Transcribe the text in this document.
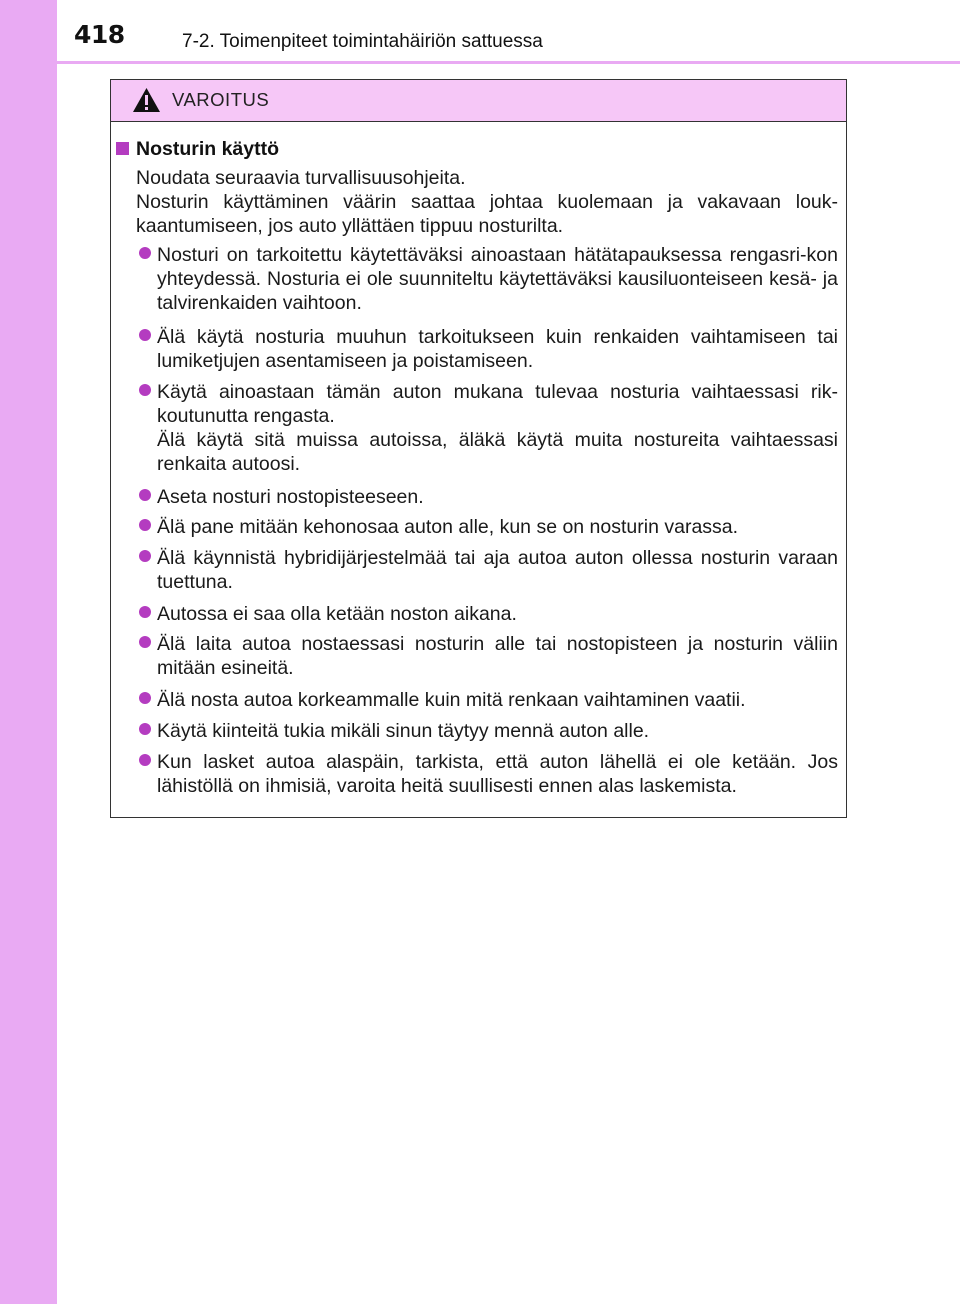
418	7-2. Toimenpiteet toimintahäiriön sattuessa
VAROITUS
Nosturin käyttö
Noudata seuraavia turvallisuusohjeita.
Nosturin käyttäminen väärin saattaa johtaa kuolemaan ja vakavaan louk-kaantumiseen, jos auto yllättäen tippuu nosturilta.
Nosturi on tarkoitettu käytettäväksi ainoastaan hätätapauksessa rengasri-kon yhteydessä. Nosturia ei ole suunniteltu käytettäväksi kausiluonteiseen kesä- ja talvirenkaiden vaihtoon.
Älä käytä nosturia muuhun tarkoitukseen kuin renkaiden vaihtamiseen tai lumiketjujen asentamiseen ja poistamiseen.
Käytä ainoastaan tämän auton mukana tulevaa nosturia vaihtaessasi rik-koutunutta rengasta.
Älä käytä sitä muissa autoissa, äläkä käytä muita nostureita vaihtaessasi renkaita autoosi.
Aseta nosturi nostopisteeseen.
Älä pane mitään kehonosaa auton alle, kun se on nosturin varassa.
Älä käynnistä hybridijärjestelmää tai aja autoa auton ollessa nosturin varaan tuettuna.
Autossa ei saa olla ketään noston aikana.
Älä laita autoa nostaessasi nosturin alle tai nostopisteen ja nosturin väliin mitään esineitä.
Älä nosta autoa korkeammalle kuin mitä renkaan vaihtaminen vaatii.
Käytä kiinteitä tukia mikäli sinun täytyy mennä auton alle.
Kun lasket autoa alaspäin, tarkista, että auton lähellä ei ole ketään. Jos lähistöllä on ihmisiä, varoita heitä suullisesti ennen alas laskemista.
